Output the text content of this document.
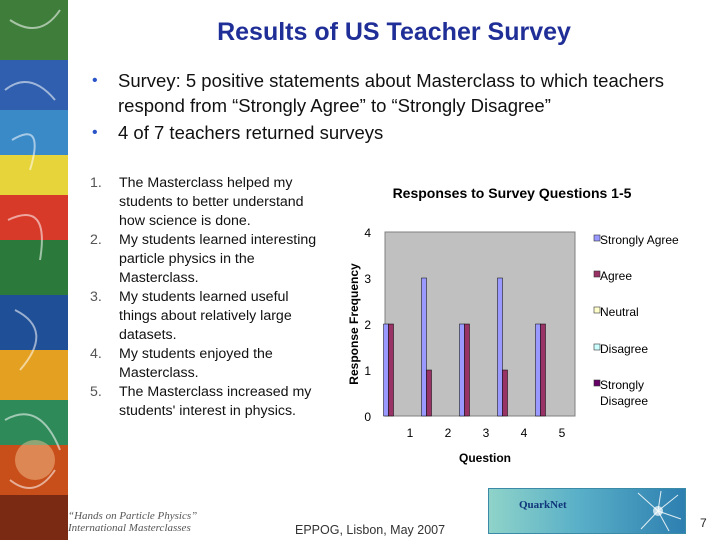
Results of US Teacher Survey
• Survey: 5 positive statements about Masterclass to which teachers respond from “Strongly Agree” to “Strongly Disagree”
• 4 of 7 teachers returned surveys
1. The Masterclass helped my students to better understand how science is done.
2. My students learned interesting particle physics in the Masterclass.
3. My students learned useful things about relatively large datasets.
4. My students enjoyed the Masterclass.
5. The Masterclass increased my students' interest in physics.
Responses to Survey Questions 1-5
0
1
2
3
4
Response Frequency
1	2	3	4	5
Question
Strongly Agree
Agree
Neutral
Disagree
Strongly
Disagree
“Hands on Particle Physics”
International Masterclasses	EPPOG, Lisbon, May 2007
QuarkNet
7
